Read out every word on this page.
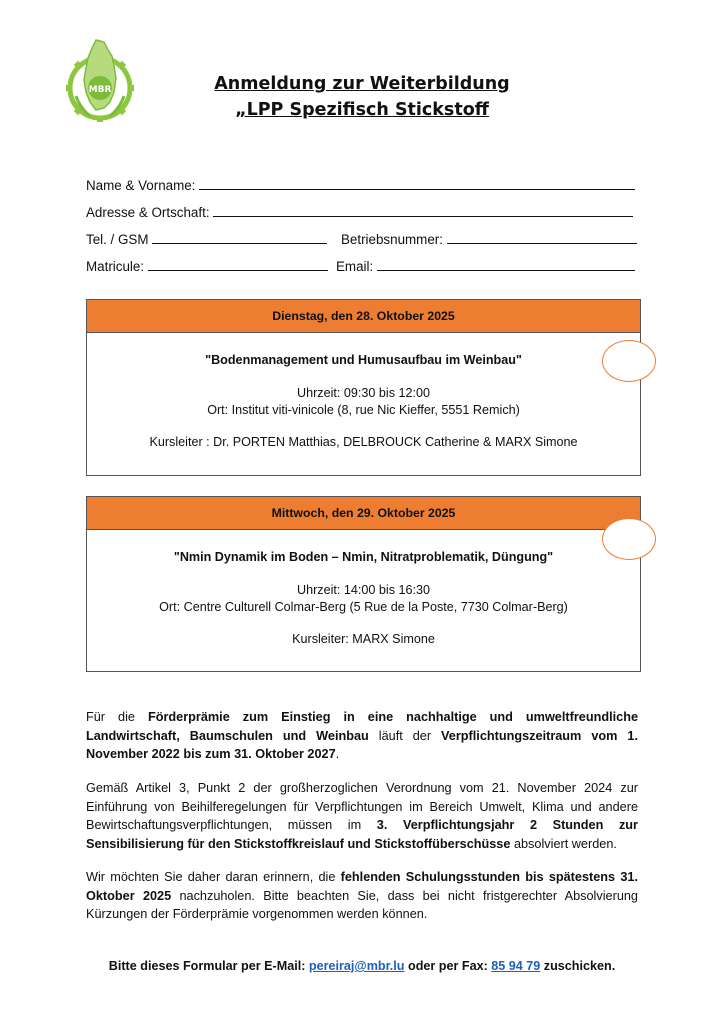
MBR	Anmeldung zur Weiterbildung
„LPP Spezifisch Stickstoff
Name & Vorname:
Adresse & Ortschaft:
Tel. / GSM	Betriebsnummer:
Matricule:	Email:
Dienstag, den 28. Oktober 2025
"Bodenmanagement und Humusaufbau im Weinbau"
Uhrzeit: 09:30 bis 12:00
Ort: Institut viti-vinicole (8, rue Nic Kieffer, 5551 Remich)
Kursleiter : Dr. PORTEN Matthias, DELBROUCK Catherine & MARX Simone
Mittwoch, den 29. Oktober 2025
"Nmin Dynamik im Boden – Nmin, Nitratproblematik, Düngung"
Uhrzeit: 14:00 bis 16:30
Ort: Centre Culturell Colmar-Berg (5 Rue de la Poste, 7730 Colmar-Berg)
Kursleiter: MARX Simone
Für die Förderprämie zum Einstieg in eine nachhaltige und umweltfreundliche Landwirtschaft, Baumschulen und Weinbau läuft der Verpflichtungszeitraum vom 1. November 2022 bis zum 31. Oktober 2027.
Gemäß Artikel 3, Punkt 2 der großherzoglichen Verordnung vom 21. November 2024 zur Einführung von Beihilferegelungen für Verpflichtungen im Bereich Umwelt, Klima und andere Bewirtschaftungsverpflichtungen, müssen im 3. Verpflichtungsjahr 2 Stunden zur Sensibilisierung für den Stickstoffkreislauf und Stickstoffüberschüsse absolviert werden.
Wir möchten Sie daher daran erinnern, die fehlenden Schulungsstunden bis spätestens 31. Oktober 2025 nachzuholen. Bitte beachten Sie, dass bei nicht fristgerechter Absolvierung Kürzungen der Förderprämie vorgenommen werden können.
Bitte dieses Formular per E-Mail: pereiraj@mbr.lu oder per Fax: 85 94 79 zuschicken.
